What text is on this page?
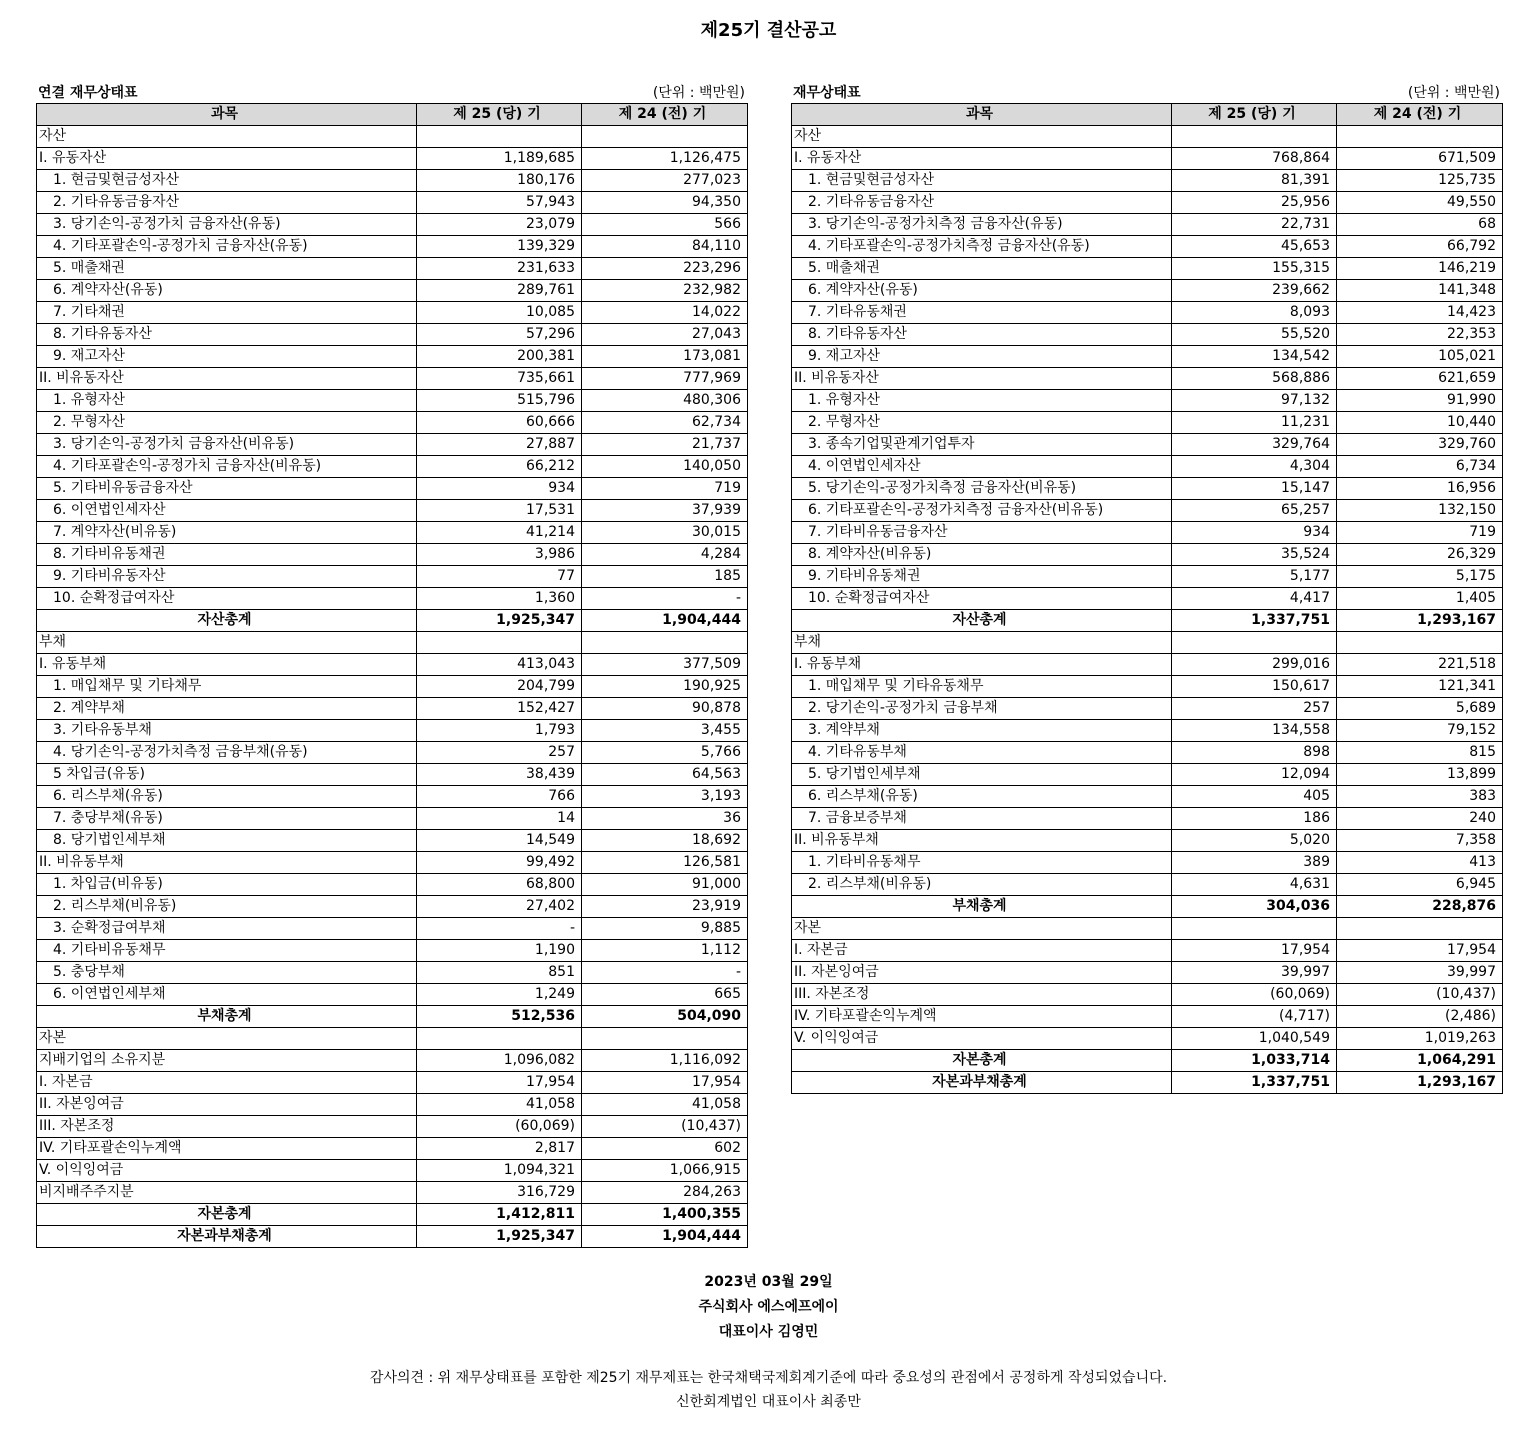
제25기 결산공고
연결 재무상태표	(단위 : 백만원)
과목	제 25 (당) 기	제 24 (전) 기
자산		
I. 유동자산	1,189,685	1,126,475
1. 현금및현금성자산	180,176	277,023
2. 기타유동금융자산	57,943	94,350
3. 당기손익-공정가치 금융자산(유동)	23,079	566
4. 기타포괄손익-공정가치 금융자산(유동)	139,329	84,110
5. 매출채권	231,633	223,296
6. 계약자산(유동)	289,761	232,982
7. 기타채권	10,085	14,022
8. 기타유동자산	57,296	27,043
9. 재고자산	200,381	173,081
II. 비유동자산	735,661	777,969
1. 유형자산	515,796	480,306
2. 무형자산	60,666	62,734
3. 당기손익-공정가치 금융자산(비유동)	27,887	21,737
4. 기타포괄손익-공정가치 금융자산(비유동)	66,212	140,050
5. 기타비유동금융자산	934	719
6. 이연법인세자산	17,531	37,939
7. 계약자산(비유동)	41,214	30,015
8. 기타비유동채권	3,986	4,284
9. 기타비유동자산	77	185
10. 순확정급여자산	1,360	-
자산총계	1,925,347	1,904,444
부채		
I. 유동부채	413,043	377,509
1. 매입채무 및 기타채무	204,799	190,925
2. 계약부채	152,427	90,878
3. 기타유동부채	1,793	3,455
4. 당기손익-공정가치측정 금융부채(유동)	257	5,766
5 차입금(유동)	38,439	64,563
6. 리스부채(유동)	766	3,193
7. 충당부채(유동)	14	36
8. 당기법인세부채	14,549	18,692
II. 비유동부채	99,492	126,581
1. 차입금(비유동)	68,800	91,000
2. 리스부채(비유동)	27,402	23,919
3. 순확정급여부채	-	9,885
4. 기타비유동채무	1,190	1,112
5. 충당부채	851	-
6. 이연법인세부채	1,249	665
부채총계	512,536	504,090
자본		
지배기업의 소유지분	1,096,082	1,116,092
I. 자본금	17,954	17,954
II. 자본잉여금	41,058	41,058
III. 자본조정	(60,069)	(10,437)
IV. 기타포괄손익누계액	2,817	602
V. 이익잉여금	1,094,321	1,066,915
비지배주주지분	316,729	284,263
자본총계	1,412,811	1,400,355
자본과부채총계	1,925,347	1,904,444
재무상태표	(단위 : 백만원)
과목	제 25 (당) 기	제 24 (전) 기
자산		
I. 유동자산	768,864	671,509
1. 현금및현금성자산	81,391	125,735
2. 기타유동금융자산	25,956	49,550
3. 당기손익-공정가치측정 금융자산(유동)	22,731	68
4. 기타포괄손익-공정가치측정 금융자산(유동)	45,653	66,792
5. 매출채권	155,315	146,219
6. 계약자산(유동)	239,662	141,348
7. 기타유동채권	8,093	14,423
8. 기타유동자산	55,520	22,353
9. 재고자산	134,542	105,021
II. 비유동자산	568,886	621,659
1. 유형자산	97,132	91,990
2. 무형자산	11,231	10,440
3. 종속기업및관계기업투자	329,764	329,760
4. 이연법인세자산	4,304	6,734
5. 당기손익-공정가치측정 금융자산(비유동)	15,147	16,956
6. 기타포괄손익-공정가치측정 금융자산(비유동)	65,257	132,150
7. 기타비유동금융자산	934	719
8. 계약자산(비유동)	35,524	26,329
9. 기타비유동채권	5,177	5,175
10. 순확정급여자산	4,417	1,405
자산총계	1,337,751	1,293,167
부채		
I. 유동부채	299,016	221,518
1. 매입채무 및 기타유동채무	150,617	121,341
2. 당기손익-공정가치 금융부채	257	5,689
3. 계약부채	134,558	79,152
4. 기타유동부채	898	815
5. 당기법인세부채	12,094	13,899
6. 리스부채(유동)	405	383
7. 금융보증부채	186	240
II. 비유동부채	5,020	7,358
1. 기타비유동채무	389	413
2. 리스부채(비유동)	4,631	6,945
부채총계	304,036	228,876
자본		
I. 자본금	17,954	17,954
II. 자본잉여금	39,997	39,997
III. 자본조정	(60,069)	(10,437)
IV. 기타포괄손익누계액	(4,717)	(2,486)
V. 이익잉여금	1,040,549	1,019,263
자본총계	1,033,714	1,064,291
자본과부채총계	1,337,751	1,293,167
2023년 03월 29일
주식회사 에스에프에이
대표이사 김영민
감사의견 : 위 재무상태표를 포함한 제25기 재무제표는 한국채택국제회계기준에 따라 중요성의 관점에서 공정하게 작성되었습니다.
신한회계법인 대표이사 최종만
